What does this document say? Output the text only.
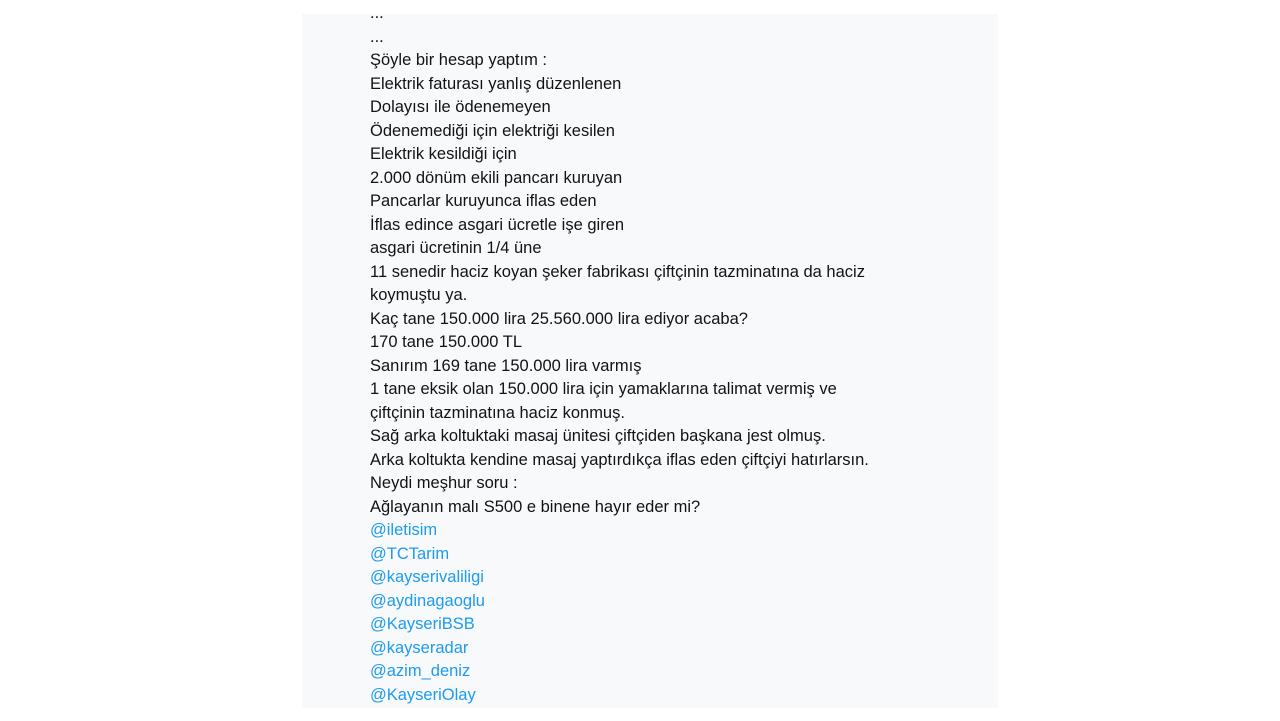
...
...
Şöyle bir hesap yaptım :
Elektrik faturası yanlış düzenlenen
Dolayısı ile ödenemeyen
Ödenemediği için elektriği kesilen
Elektrik kesildiği için
2.000 dönüm ekili pancarı kuruyan
Pancarlar kuruyunca iflas eden
İflas edince asgari ücretle işe giren
asgari ücretinin 1/4 üne
11 senedir haciz koyan şeker fabrikası çiftçinin tazminatına da haciz
koymuştu ya.
Kaç tane 150.000 lira 25.560.000 lira ediyor acaba?
170 tane 150.000 TL
Sanırım 169 tane 150.000 lira varmış
1 tane eksik olan 150.000 lira için yamaklarına talimat vermiş ve
çiftçinin tazminatına haciz konmuş.
Sağ arka koltuktaki masaj ünitesi çiftçiden başkana jest olmuş.
Arka koltukta kendine masaj yaptırdıkça iflas eden çiftçiyi hatırlarsın.
Neydi meşhur soru :
Ağlayanın malı S500 e binene hayır eder mi?
@iletisim
@TCTarim
@kayserivaliligi
@aydinagaoglu
@KayseriBSB
@kayseradar
@azim_deniz
@KayseriOlay
